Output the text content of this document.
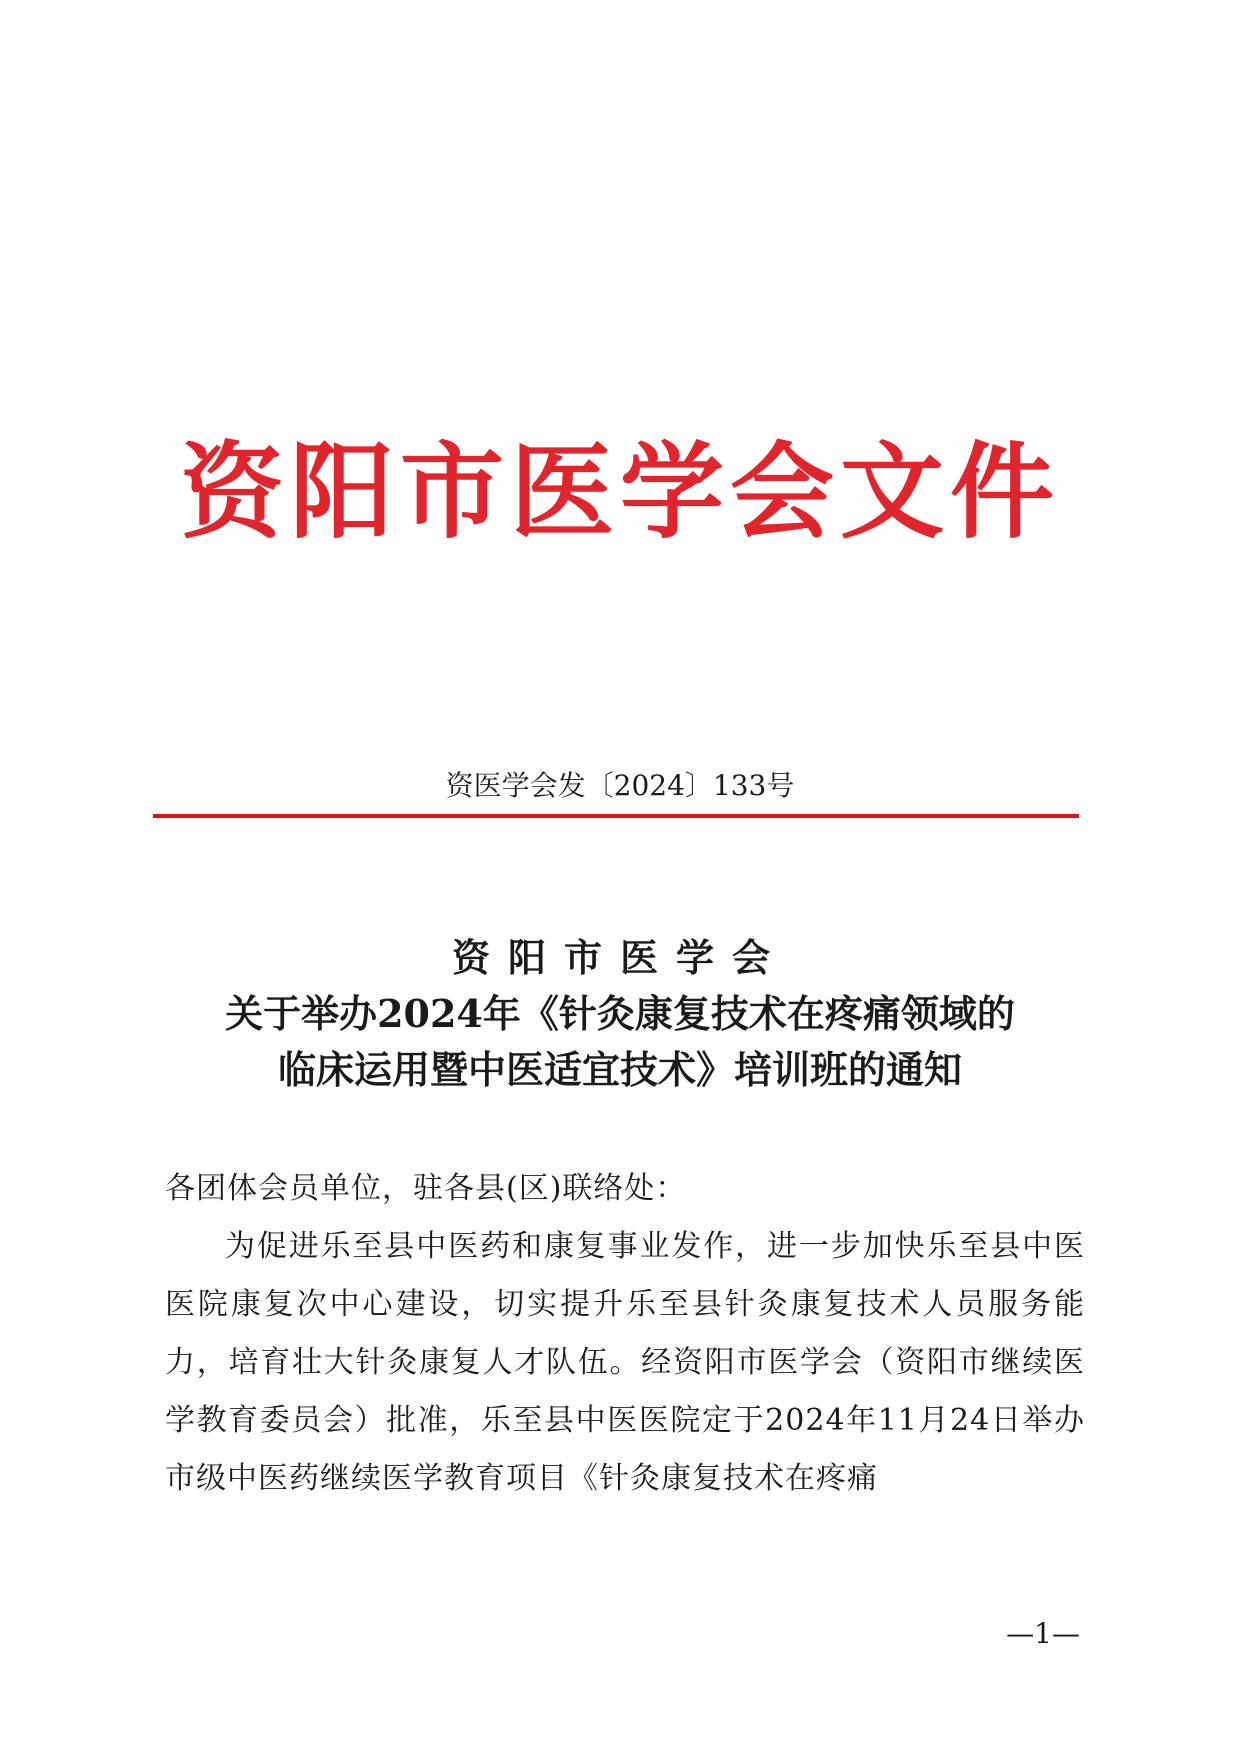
资阳市医学会文件
资医学会发〔2024〕133号
资阳市医学会
关于举办2024年《针灸康复技术在疼痛领域的
临床运用暨中医适宜技术》培训班的通知
各团体会员单位，驻各县(区)联络处：
为促进乐至县中医药和康复事业发作，进一步加快乐至县中医医院康复次中心建设，切实提升乐至县针灸康复技术人员服务能力，培育壮大针灸康复人才队伍。经资阳市医学会（资阳市继续医学教育委员会）批准，乐至县中医医院定于2024年11月24日举办市级中医药继续医学教育项目《针灸康复技术在疼痛
—1—
